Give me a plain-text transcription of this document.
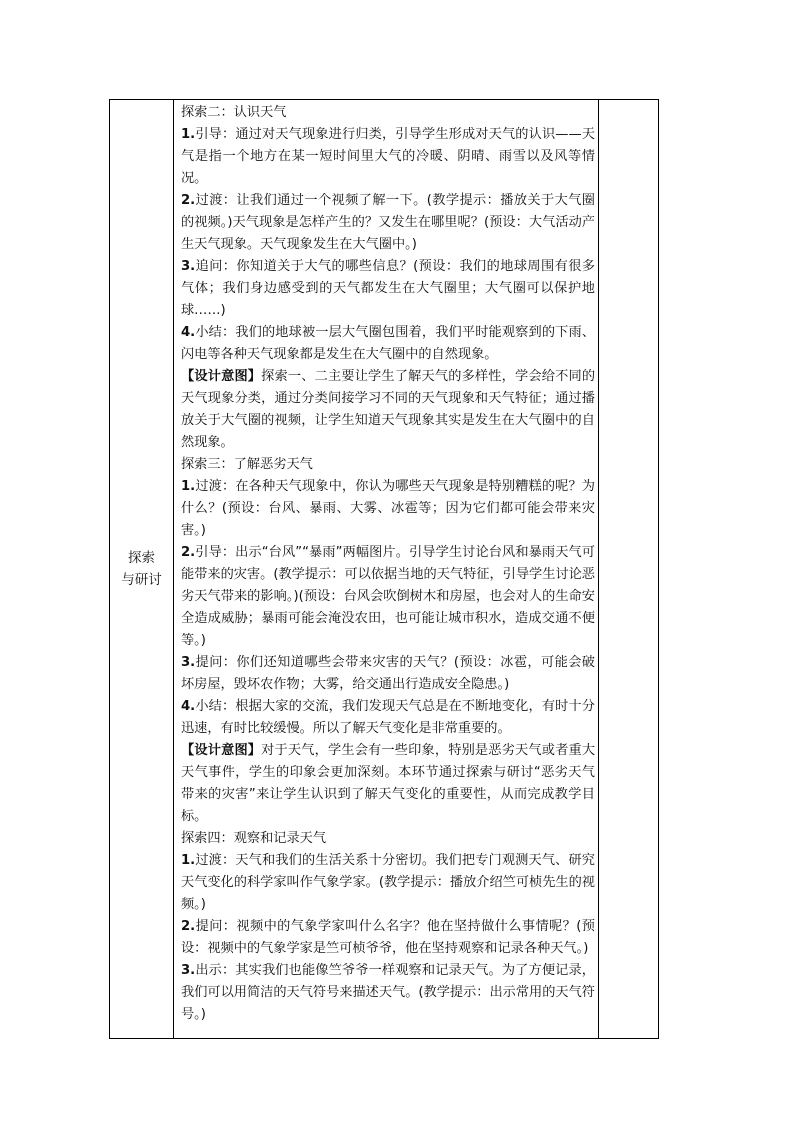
探索
与研讨	

探索二：认识天气

1.引导：通过对天气现象进行归类，引导学生形成对天气的认识——天气是指一个地方在某一短时间里大气的冷暖、阴晴、雨雪以及风等情况。

2.过渡：让我们通过一个视频了解一下。(教学提示：播放关于大气圈的视频。)天气现象是怎样产生的？又发生在哪里呢？(预设：大气活动产生天气现象。天气现象发生在大气圈中。)

3.追问：你知道关于大气的哪些信息？(预设：我们的地球周围有很多气体；我们身边感受到的天气都发生在大气圈里；大气圈可以保护地球……)

4.小结：我们的地球被一层大气圈包围着，我们平时能观察到的下雨、闪电等各种天气现象都是发生在大气圈中的自然现象。

【设计意图】探索一、二主要让学生了解天气的多样性，学会给不同的天气现象分类，通过分类间接学习不同的天气现象和天气特征；通过播放关于大气圈的视频，让学生知道天气现象其实是发生在大气圈中的自然现象。

探索三：了解恶劣天气

1.过渡：在各种天气现象中，你认为哪些天气现象是特别糟糕的呢？为什么？(预设：台风、暴雨、大雾、冰雹等；因为它们都可能会带来灾害。)

2.引导：出示“台风”“暴雨”两幅图片。引导学生讨论台风和暴雨天气可能带来的灾害。(教学提示：可以依据当地的天气特征，引导学生讨论恶劣天气带来的影响。)(预设：台风会吹倒树木和房屋，也会对人的生命安全造成威胁；暴雨可能会淹没农田，也可能让城市积水，造成交通不便等。)

3.提问：你们还知道哪些会带来灾害的天气？(预设：冰雹，可能会破坏房屋，毁坏农作物；大雾，给交通出行造成安全隐患。)

4.小结：根据大家的交流，我们发现天气总是在不断地变化，有时十分迅速，有时比较缓慢。所以了解天气变化是非常重要的。

【设计意图】对于天气，学生会有一些印象，特别是恶劣天气或者重大天气事件，学生的印象会更加深刻。本环节通过探索与研讨“恶劣天气带来的灾害”来让学生认识到了解天气变化的重要性，从而完成教学目标。

探索四：观察和记录天气

1.过渡：天气和我们的生活关系十分密切。我们把专门观测天气、研究天气变化的科学家叫作气象学家。(教学提示：播放介绍竺可桢先生的视频。)

2.提问：视频中的气象学家叫什么名字？他在坚持做什么事情呢？(预设：视频中的气象学家是竺可桢爷爷，他在坚持观察和记录各种天气。)

3.出示：其实我们也能像竺爷爷一样观察和记录天气。为了方便记录，我们可以用简洁的天气符号来描述天气。(教学提示：出示常用的天气符号。)
